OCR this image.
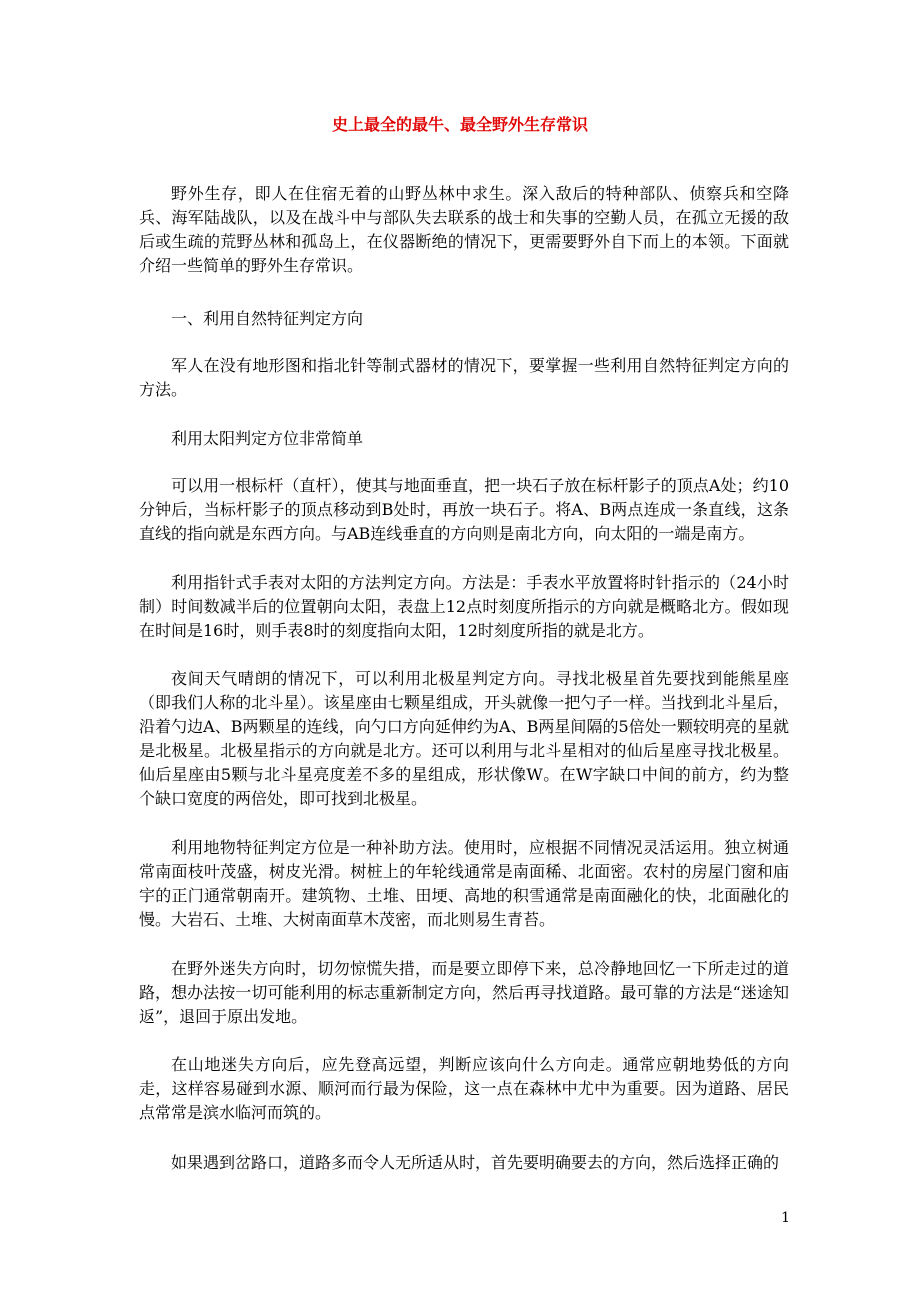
史上最全的最牛、最全野外生存常识

野外生存，即人在住宿无着的山野丛林中求生。深入敌后的特种部队、侦察兵和空降兵、海军陆战队，以及在战斗中与部队失去联系的战士和失事的空勤人员，在孤立无援的敌后或生疏的荒野丛林和孤岛上，在仪器断绝的情况下，更需要野外自下而上的本领。下面就介绍一些简单的野外生存常识。

一、利用自然特征判定方向

军人在没有地形图和指北针等制式器材的情况下，要掌握一些利用自然特征判定方向的方法。

利用太阳判定方位非常简单

可以用一根标杆（直杆），使其与地面垂直，把一块石子放在标杆影子的顶点A处；约10分钟后，当标杆影子的顶点移动到B处时，再放一块石子。将A、B两点连成一条直线，这条直线的指向就是东西方向。与AB连线垂直的方向则是南北方向，向太阳的一端是南方。

利用指针式手表对太阳的方法判定方向。方法是：手表水平放置将时针指示的（24小时制）时间数减半后的位置朝向太阳，表盘上12点时刻度所指示的方向就是概略北方。假如现在时间是16时，则手表8时的刻度指向太阳，12时刻度所指的就是北方。

夜间天气晴朗的情况下，可以利用北极星判定方向。寻找北极星首先要找到能熊星座（即我们人称的北斗星）。该星座由七颗星组成，开头就像一把勺子一样。当找到北斗星后，沿着勺边A、B两颗星的连线，向勺口方向延伸约为A、B两星间隔的5倍处一颗较明亮的星就是北极星。北极星指示的方向就是北方。还可以利用与北斗星相对的仙后星座寻找北极星。仙后星座由5颗与北斗星亮度差不多的星组成，形状像W。在W字缺口中间的前方，约为整个缺口宽度的两倍处，即可找到北极星。

利用地物特征判定方位是一种补助方法。使用时，应根据不同情况灵活运用。独立树通常南面枝叶茂盛，树皮光滑。树桩上的年轮线通常是南面稀、北面密。农村的房屋门窗和庙宇的正门通常朝南开。建筑物、土堆、田埂、高地的积雪通常是南面融化的快，北面融化的慢。大岩石、土堆、大树南面草木茂密，而北则易生青苔。

在野外迷失方向时，切勿惊慌失措，而是要立即停下来，总冷静地回忆一下所走过的道路，想办法按一切可能利用的标志重新制定方向，然后再寻找道路。最可靠的方法是“迷途知返”，退回于原出发地。

在山地迷失方向后，应先登高远望，判断应该向什么方向走。通常应朝地势低的方向走，这样容易碰到水源、顺河而行最为保险，这一点在森林中尤中为重要。因为道路、居民点常常是滨水临河而筑的。

如果遇到岔路口，道路多而令人无所适从时，首先要明确要去的方向，然后选择正确的

1
